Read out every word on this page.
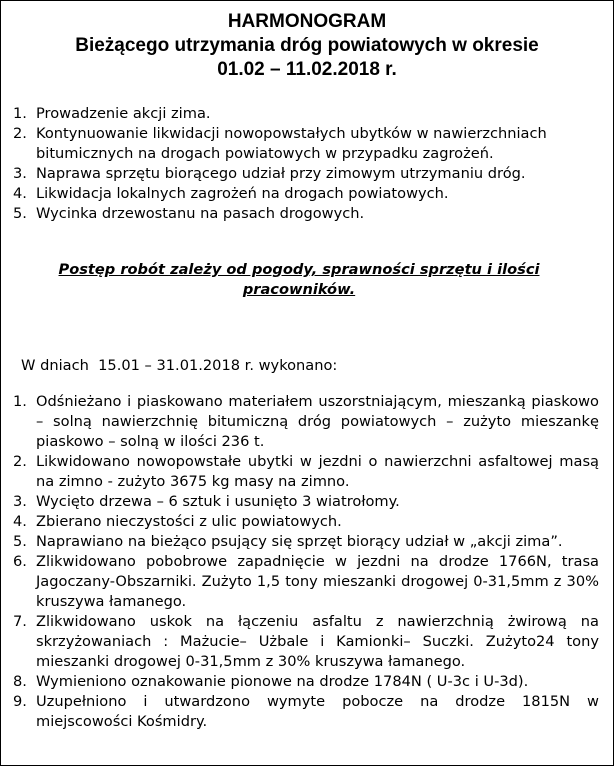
HARMONOGRAM
Bieżącego utrzymania dróg powiatowych w okresie
01.02 – 11.02.2018 r.
1. Prowadzenie akcji zima.
2. Kontynuowanie likwidacji nowopowstałych ubytków w nawierzchniach bitumicznych na drogach powiatowych w przypadku zagrożeń.
3. Naprawa sprzętu biorącego udział przy zimowym utrzymaniu dróg.
4. Likwidacja lokalnych zagrożeń na drogach powiatowych.
5. Wycinka drzewostanu na pasach drogowych.
Postęp robót zależy od pogody, sprawności sprzętu i ilości
pracowników.
W dniach  15.01 – 31.01.2018 r. wykonano:
1. Odśnieżano i piaskowano materiałem uszorstniającym, mieszanką piaskowo – solną nawierzchnię bitumiczną dróg powiatowych – zużyto mieszankę piaskowo – solną w ilości 236 t.
2. Likwidowano nowopowstałe ubytki w jezdni o nawierzchni asfaltowej masą na zimno - zużyto 3675 kg masy na zimno.
3. Wycięto drzewa – 6 sztuk i usunięto 3 wiatrołomy.
4. Zbierano nieczystości z ulic powiatowych.
5. Naprawiano na bieżąco psujący się sprzęt biorący udział w „akcji zima”.
6. Zlikwidowano pobobrowe zapadnięcie w jezdni na drodze 1766N, trasa Jagoczany-Obszarniki. Zużyto 1,5 tony mieszanki drogowej 0-31,5mm z 30% kruszywa łamanego.
7. Zlikwidowano uskok na łączeniu asfaltu z nawierzchnią żwirową na skrzyżowaniach : Mażucie– Użbale i Kamionki– Suczki. Zużyto24 tony mieszanki drogowej 0-31,5mm z 30% kruszywa łamanego.
8. Wymieniono oznakowanie pionowe na drodze 1784N ( U-3c i U-3d).
9. Uzupełniono i utwardzono wymyte pobocze na drodze 1815N w miejscowości Kośmidry.
